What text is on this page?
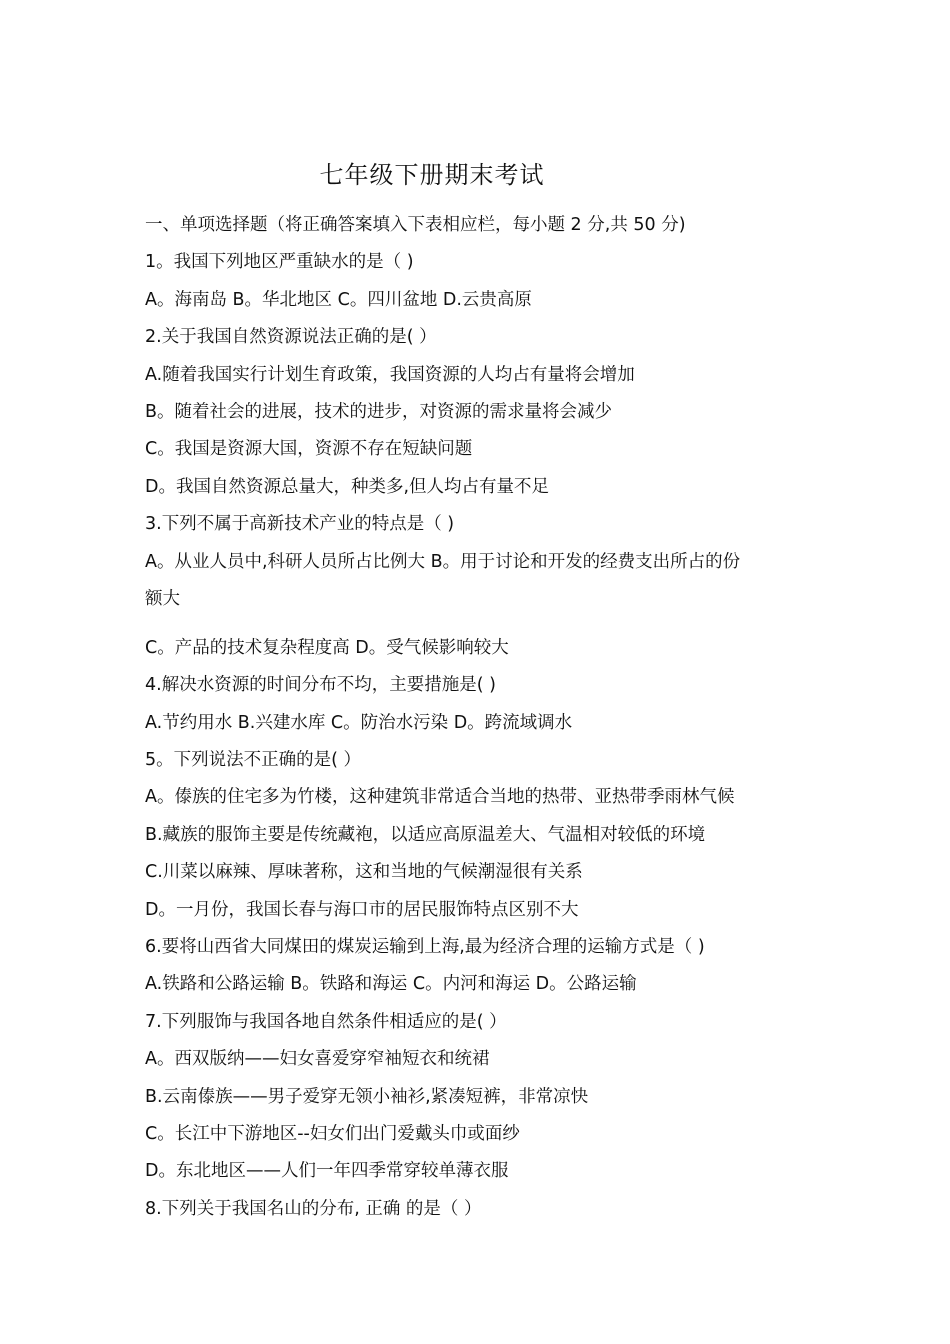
七年级下册期末考试
一、单项选择题（将正确答案填入下表相应栏，每小题 2 分,共 50 分)
1。我国下列地区严重缺水的是（ )
A。海南岛 B。华北地区 C。四川盆地 D.云贵高原
2.关于我国自然资源说法正确的是( ）
A.随着我国实行计划生育政策，我国资源的人均占有量将会增加
B。随着社会的进展，技术的进步，对资源的需求量将会减少
C。我国是资源大国，资源不存在短缺问题
D。我国自然资源总量大，种类多,但人均占有量不足
3.下列不属于高新技术产业的特点是（ )
A。从业人员中,科研人员所占比例大 B。用于讨论和开发的经费支出所占的份
额大
C。产品的技术复杂程度高 D。受气候影响较大
4.解决水资源的时间分布不均，主要措施是( )
A.节约用水 B.兴建水库 C。防治水污染 D。跨流域调水
5。下列说法不正确的是( ）
A。傣族的住宅多为竹楼，这种建筑非常适合当地的热带、亚热带季雨林气候
B.藏族的服饰主要是传统藏袍，以适应高原温差大、气温相对较低的环境
C.川菜以麻辣、厚味著称，这和当地的气候潮湿很有关系
D。一月份，我国长春与海口市的居民服饰特点区别不大
6.要将山西省大同煤田的煤炭运输到上海,最为经济合理的运输方式是（ )
A.铁路和公路运输 B。铁路和海运 C。内河和海运 D。公路运输
7.下列服饰与我国各地自然条件相适应的是( ）
A。西双版纳——妇女喜爱穿窄袖短衣和统裙
B.云南傣族——男子爱穿无领小袖衫,紧凑短裤，非常凉快
C。长江中下游地区--妇女们出门爱戴头巾或面纱
D。东北地区——人们一年四季常穿较单薄衣服
8.下列关于我国名山的分布, 正确 的是（ ）
